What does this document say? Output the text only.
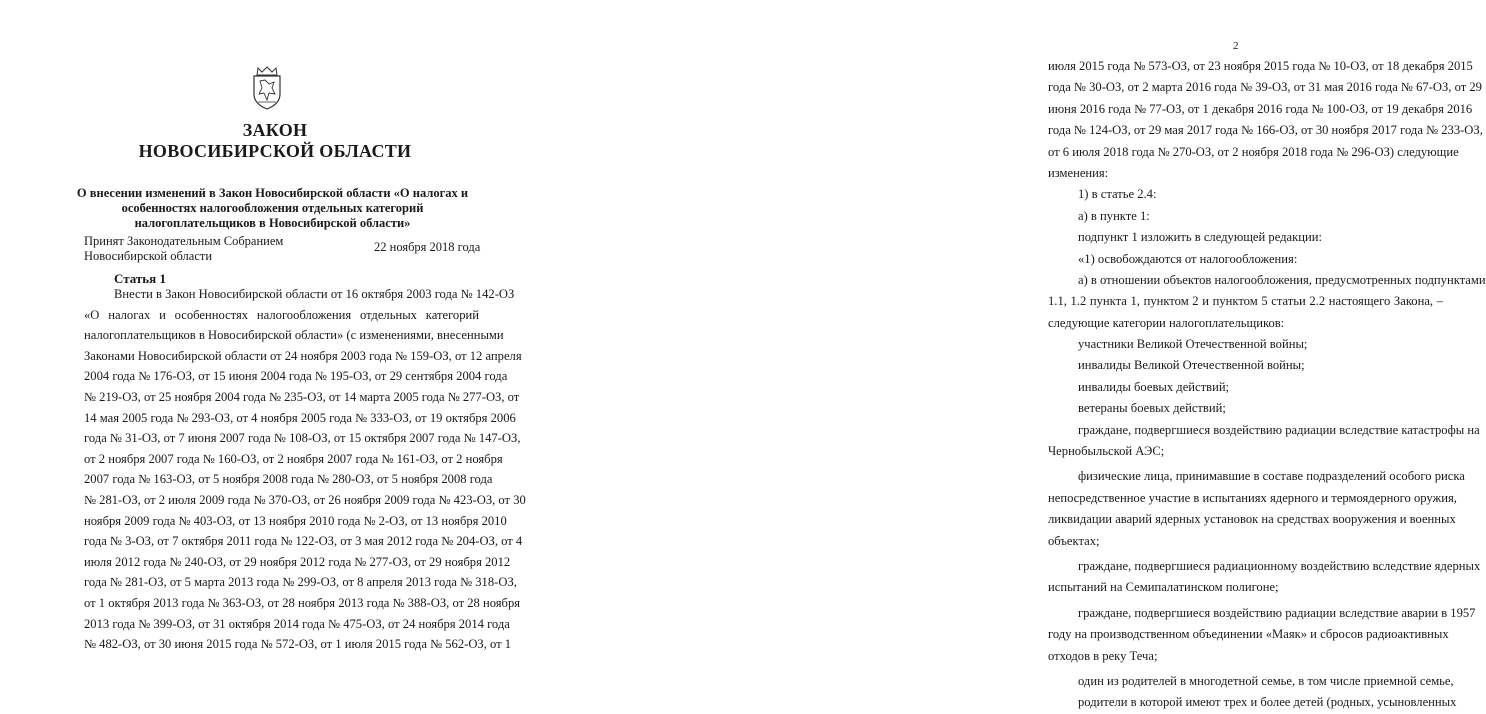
ЗАКОН
НОВОСИБИРСКОЙ ОБЛАСТИ
О внесении изменений в Закон Новосибирской области «О налогах и особенностях налогообложения отдельных категорий налогоплательщиков в Новосибирской области»
Принят Законодательным Собранием
Новосибирской области
22 ноября 2018 года
Статья 1
Внести в Закон Новосибирской области от 16 октября 2003 года № 142-ОЗ
«О налогах и особенностях налогообложения отдельных категорий
налогоплательщиков в Новосибирской области» (с изменениями, внесенными
Законами Новосибирской области от 24 ноября 2003 года № 159-ОЗ, от 12 апреля
2004 года № 176-ОЗ, от 15 июня 2004 года № 195-ОЗ, от 29 сентября 2004 года
№ 219-ОЗ, от 25 ноября 2004 года № 235-ОЗ, от 14 марта 2005 года № 277-ОЗ, от
14 мая 2005 года № 293-ОЗ, от 4 ноября 2005 года № 333-ОЗ, от 19 октября 2006
года № 31-ОЗ, от 7 июня 2007 года № 108-ОЗ, от 15 октября 2007 года № 147-ОЗ,
от 2 ноября 2007 года № 160-ОЗ, от 2 ноября 2007 года № 161-ОЗ, от 2 ноября
2007 года № 163-ОЗ, от 5 ноября 2008 года № 280-ОЗ, от 5 ноября 2008 года
№ 281-ОЗ, от 2 июля 2009 года № 370-ОЗ, от 26 ноября 2009 года № 423-ОЗ, от 30
ноября 2009 года № 403-ОЗ, от 13 ноября 2010 года № 2-ОЗ, от 13 ноября 2010
года № 3-ОЗ, от 7 октября 2011 года № 122-ОЗ, от 3 мая 2012 года № 204-ОЗ, от 4
июля 2012 года № 240-ОЗ, от 29 ноября 2012 года № 277-ОЗ, от 29 ноября 2012
года № 281-ОЗ, от 5 марта 2013 года № 299-ОЗ, от 8 апреля 2013 года № 318-ОЗ,
от 1 октября 2013 года № 363-ОЗ, от 28 ноября 2013 года № 388-ОЗ, от 28 ноября
2013 года № 399-ОЗ, от 31 октября 2014 года № 475-ОЗ, от 24 ноября 2014 года
№ 482-ОЗ, от 30 июня 2015 года № 572-ОЗ, от 1 июля 2015 года № 562-ОЗ, от 1
2
июля 2015 года № 573-ОЗ, от 23 ноября 2015 года № 10-ОЗ, от 18 декабря 2015
года № 30-ОЗ, от 2 марта 2016 года № 39-ОЗ, от 31 мая 2016 года № 67-ОЗ, от 29
июня 2016 года № 77-ОЗ, от 1 декабря 2016 года № 100-ОЗ, от 19 декабря 2016
года № 124-ОЗ, от 29 мая 2017 года № 166-ОЗ, от 30 ноября 2017 года № 233-ОЗ,
от 6 июля 2018 года № 270-ОЗ, от 2 ноября 2018 года № 296-ОЗ) следующие
изменения:
1) в статье 2.4:
а) в пункте 1:
подпункт 1 изложить в следующей редакции:
«1) освобождаются от налогообложения:
а) в отношении объектов налогообложения, предусмотренных подпунктами
1.1, 1.2 пункта 1, пунктом 2 и пунктом 5 статьи 2.2 настоящего Закона, –
следующие категории налогоплательщиков:
участники Великой Отечественной войны;
инвалиды Великой Отечественной войны;
инвалиды боевых действий;
ветераны боевых действий;
граждане, подвергшиеся воздействию радиации вследствие катастрофы на
Чернобыльской АЭС;
физические лица, принимавшие в составе подразделений особого риска
непосредственное участие в испытаниях ядерного и термоядерного оружия,
ликвидации аварий ядерных установок на средствах вооружения и военных
объектах;
граждане, подвергшиеся радиационному воздействию вследствие ядерных
испытаний на Семипалатинском полигоне;
граждане, подвергшиеся воздействию радиации вследствие аварии в 1957
году на производственном объединении «Маяк» и сбросов радиоактивных
отходов в реку Теча;
один из родителей в многодетной семье, в том числе приемной семье,
родители в которой имеют трех и более детей (родных, усыновленных
